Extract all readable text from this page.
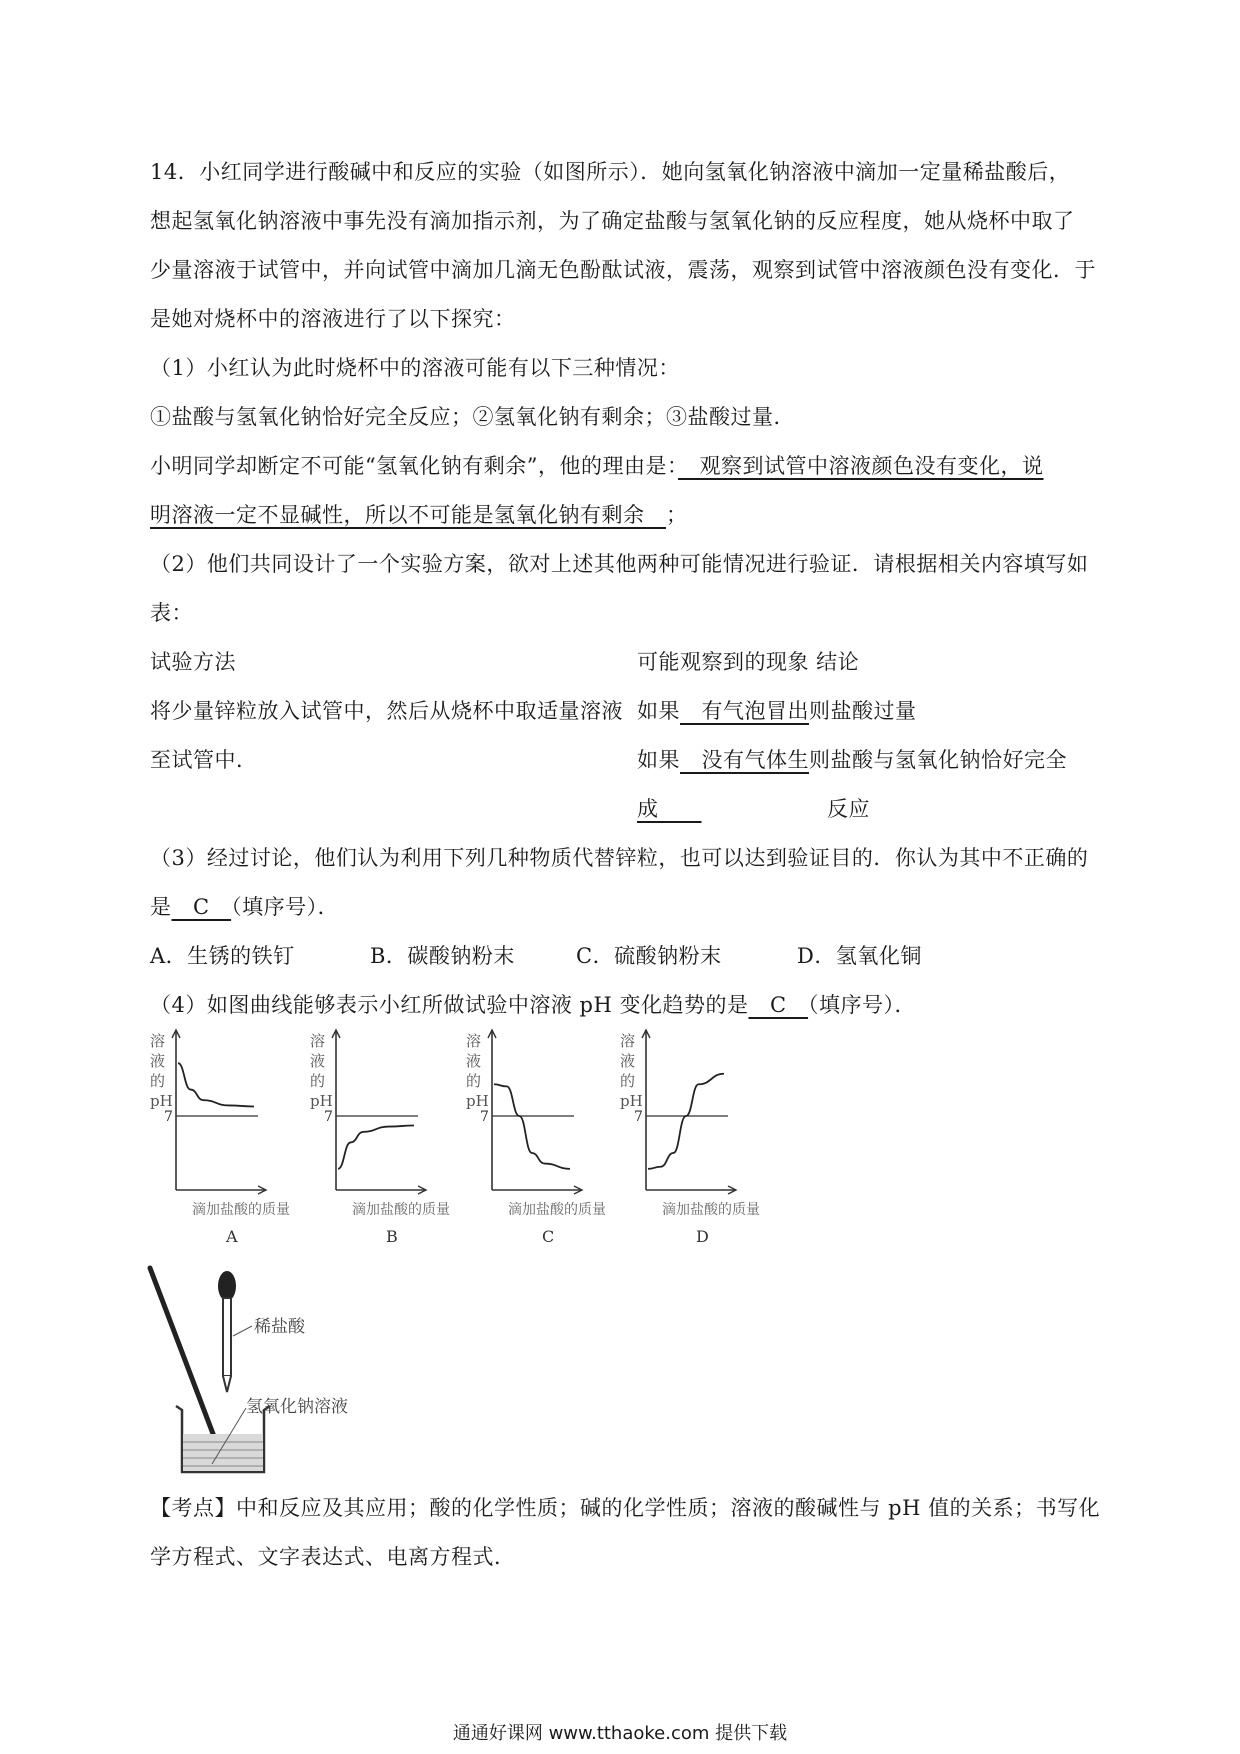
14．小红同学进行酸碱中和反应的实验（如图所示）．她向氢氧化钠溶液中滴加一定量稀盐酸后，
想起氢氧化钠溶液中事先没有滴加指示剂，为了确定盐酸与氢氧化钠的反应程度，她从烧杯中取了
少量溶液于试管中，并向试管中滴加几滴无色酚酞试液，震荡，观察到试管中溶液颜色没有变化．于
是她对烧杯中的溶液进行了以下探究：
（1）小红认为此时烧杯中的溶液可能有以下三种情况：
①盐酸与氢氧化钠恰好完全反应；②氢氧化钠有剩余；③盐酸过量．
小明同学却断定不可能“氢氧化钠有剩余”，他的理由是：　观察到试管中溶液颜色没有变化，说
明溶液一定不显碱性，所以不可能是氢氧化钠有剩余　；
（2）他们共同设计了一个实验方案，欲对上述其他两种可能情况进行验证．请根据相关内容填写如
表：
试验方法	可能观察到的现象 结论
将少量锌粒放入试管中，然后从烧杯中取适量溶液 如果　有气泡冒出则盐酸过量
至试管中．	如果　没有气体生则盐酸与氢氧化钠恰好完全
成　　	反应
（3）经过讨论，他们认为利用下列几种物质代替锌粒，也可以达到验证目的．你认为其中不正确的
是　C　（填序号）．
A．生锈的铁钉	B．碳酸钠粉末	C．硫酸钠粉末	D．氢氧化铜
（4）如图曲线能够表示小红所做试验中溶液 pH 变化趋势的是　C　（填序号）．
溶
液
的
pH
7
滴加盐酸的质量
A
溶
液
的
pH
7
滴加盐酸的质量
B
溶
液
的
pH
7
滴加盐酸的质量
C
溶
液
的
pH
7
滴加盐酸的质量
D
稀盐酸
氢氧化钠溶液
【考点】中和反应及其应用；酸的化学性质；碱的化学性质；溶液的酸碱性与 pH 值的关系；书写化
学方程式、文字表达式、电离方程式．
通通好课网 www.tthaoke.com 提供下载
